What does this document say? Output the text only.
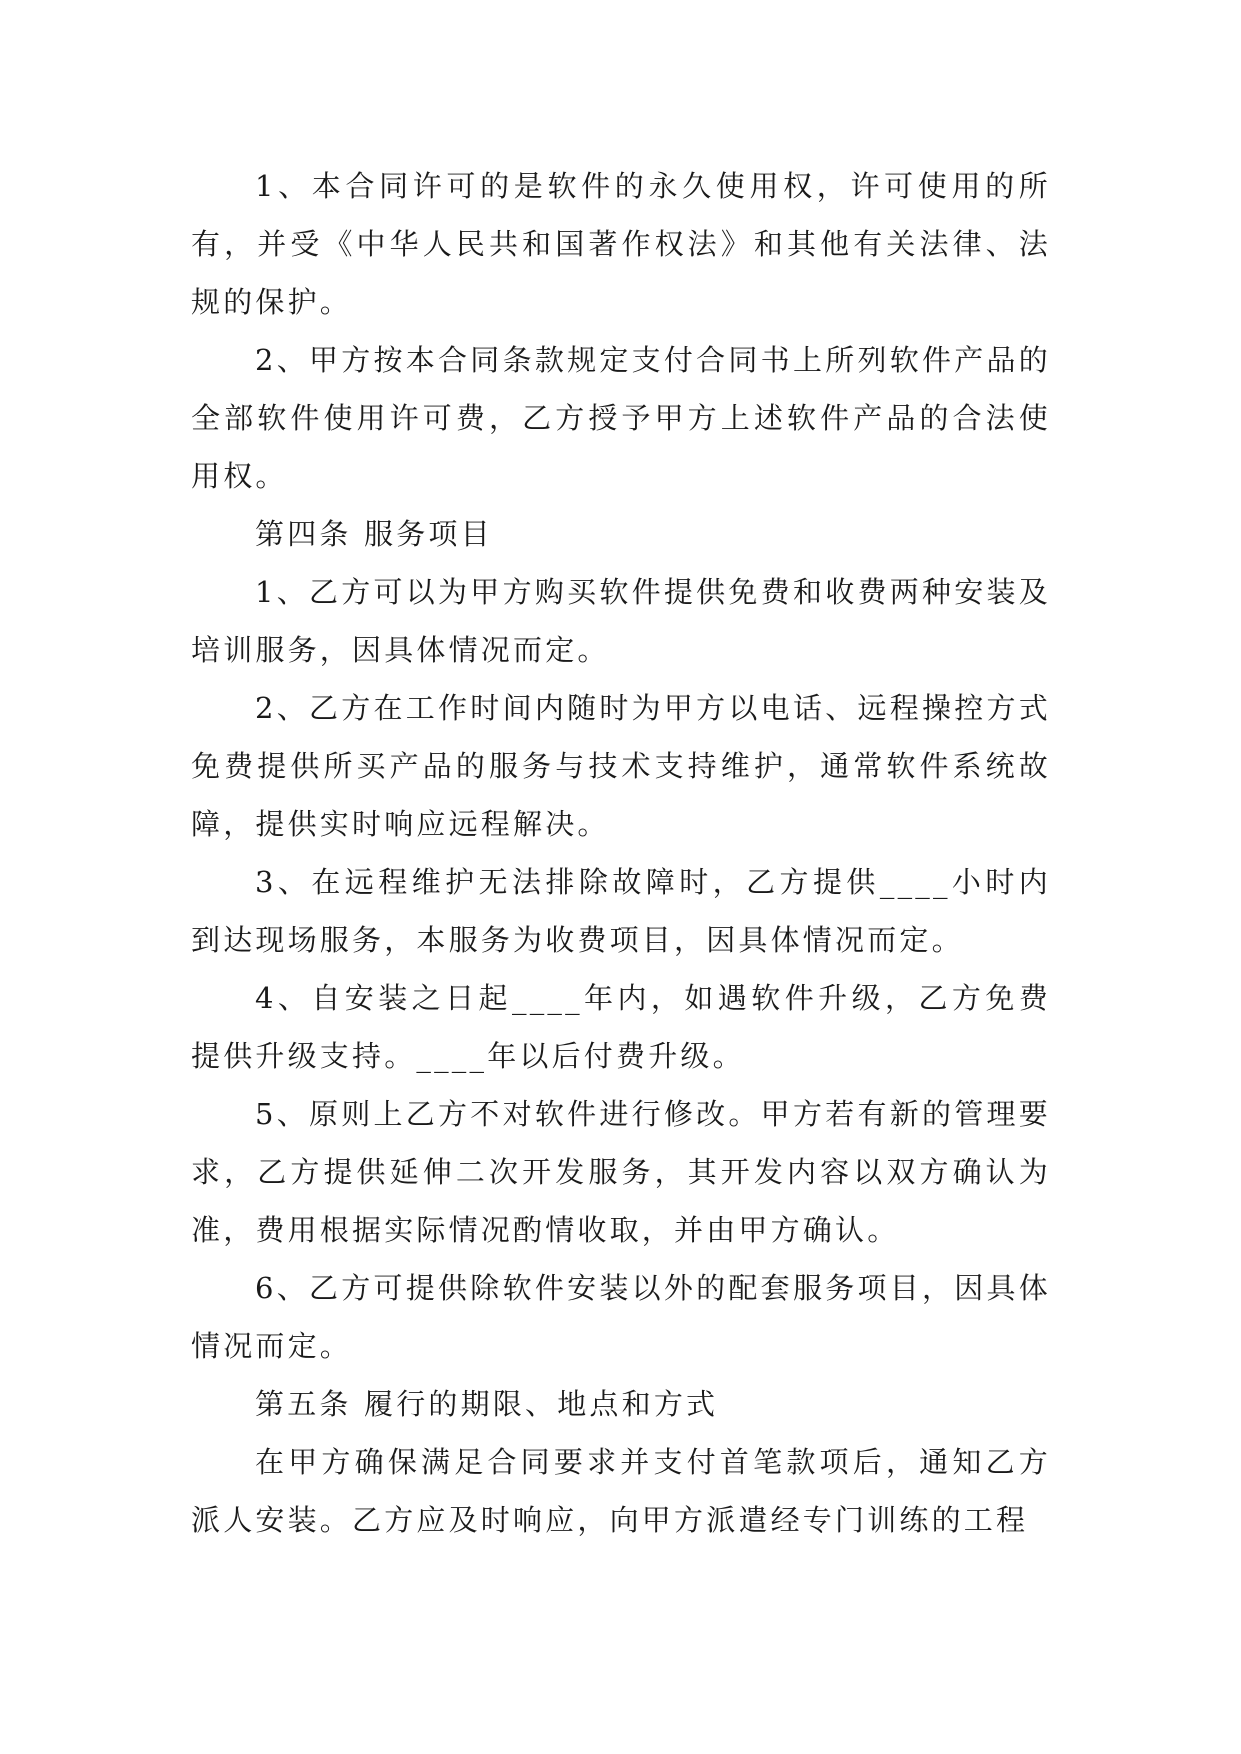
1、本合同许可的是软件的永久使用权，许可使用的所有，并受《中华人民共和国著作权法》和其他有关法律、法规的保护。

2、甲方按本合同条款规定支付合同书上所列软件产品的全部软件使用许可费，乙方授予甲方上述软件产品的合法使用权。

第四条 服务项目

1、乙方可以为甲方购买软件提供免费和收费两种安装及培训服务，因具体情况而定。

2、乙方在工作时间内随时为甲方以电话、远程操控方式免费提供所买产品的服务与技术支持维护，通常软件系统故障，提供实时响应远程解决。

3、在远程维护无法排除故障时，乙方提供____小时内到达现场服务，本服务为收费项目，因具体情况而定。

4、自安装之日起____年内，如遇软件升级，乙方免费提供升级支持。____年以后付费升级。

5、原则上乙方不对软件进行修改。甲方若有新的管理要求，乙方提供延伸二次开发服务，其开发内容以双方确认为准，费用根据实际情况酌情收取，并由甲方确认。

6、乙方可提供除软件安装以外的配套服务项目，因具体情况而定。

第五条 履行的期限、地点和方式

在甲方确保满足合同要求并支付首笔款项后，通知乙方派人安装。乙方应及时响应，向甲方派遣经专门训练的工程
